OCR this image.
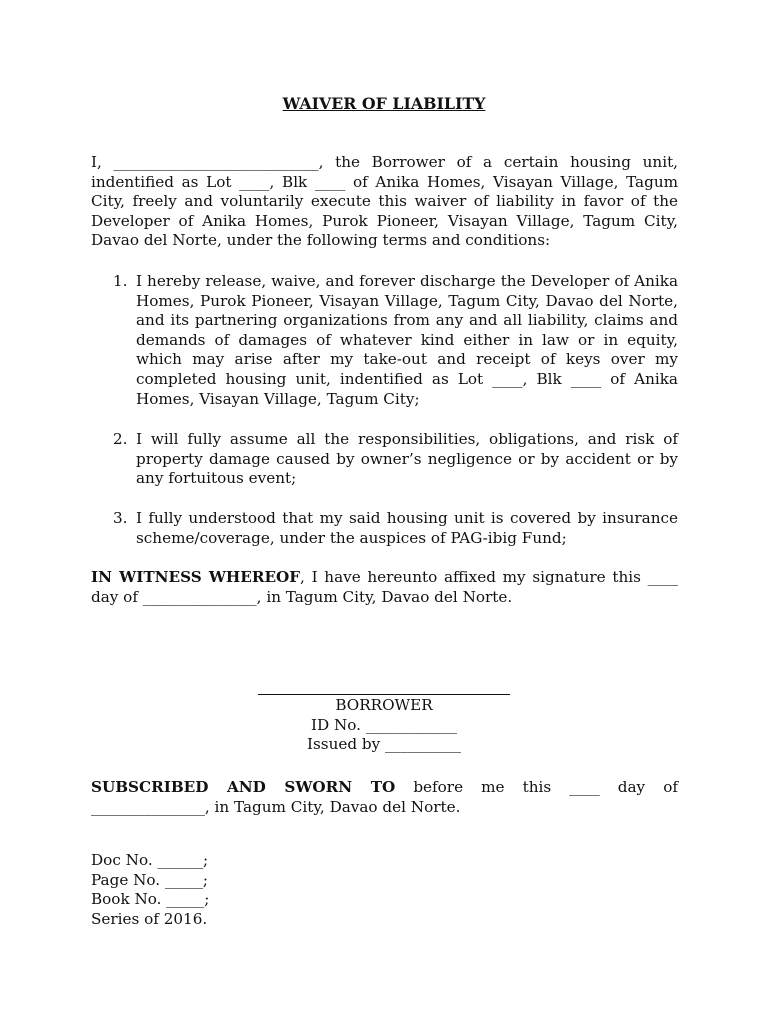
WAIVER OF LIABILITY

I, ___________________________, the Borrower of a certain housing unit, indentified as Lot ____, Blk ____ of Anika Homes, Visayan Village, Tagum City, freely and voluntarily execute this waiver of liability in favor of the Developer of Anika Homes, Purok Pioneer, Visayan Village, Tagum City, Davao del Norte, under the following terms and conditions:

1. I hereby release, waive, and forever discharge the Developer of Anika Homes, Purok Pioneer, Visayan Village, Tagum City, Davao del Norte, and its partnering organizations from any and all liability, claims and demands of damages of whatever kind either in law or in equity, which may arise after my take-out and receipt of keys over my completed housing unit, indentified as Lot ____, Blk ____ of Anika Homes, Visayan Village, Tagum City;
2. I will fully assume all the responsibilities, obligations, and risk of property damage caused by owner’s negligence or by accident or by any fortuitous event;
3. I fully understood that my said housing unit is covered by insurance scheme/coverage, under the auspices of PAG-ibig Fund;

IN WITNESS WHEREOF, I have hereunto affixed my signature this ____ day of _______________, in Tagum City, Davao del Norte.

BORROWER
ID No. ____________
Issued by __________

SUBSCRIBED AND SWORN TO before me this ____ day of _______________, in Tagum City, Davao del Norte.

Doc No. ______;
Page No. _____;
Book No. _____;
Series of 2016.
